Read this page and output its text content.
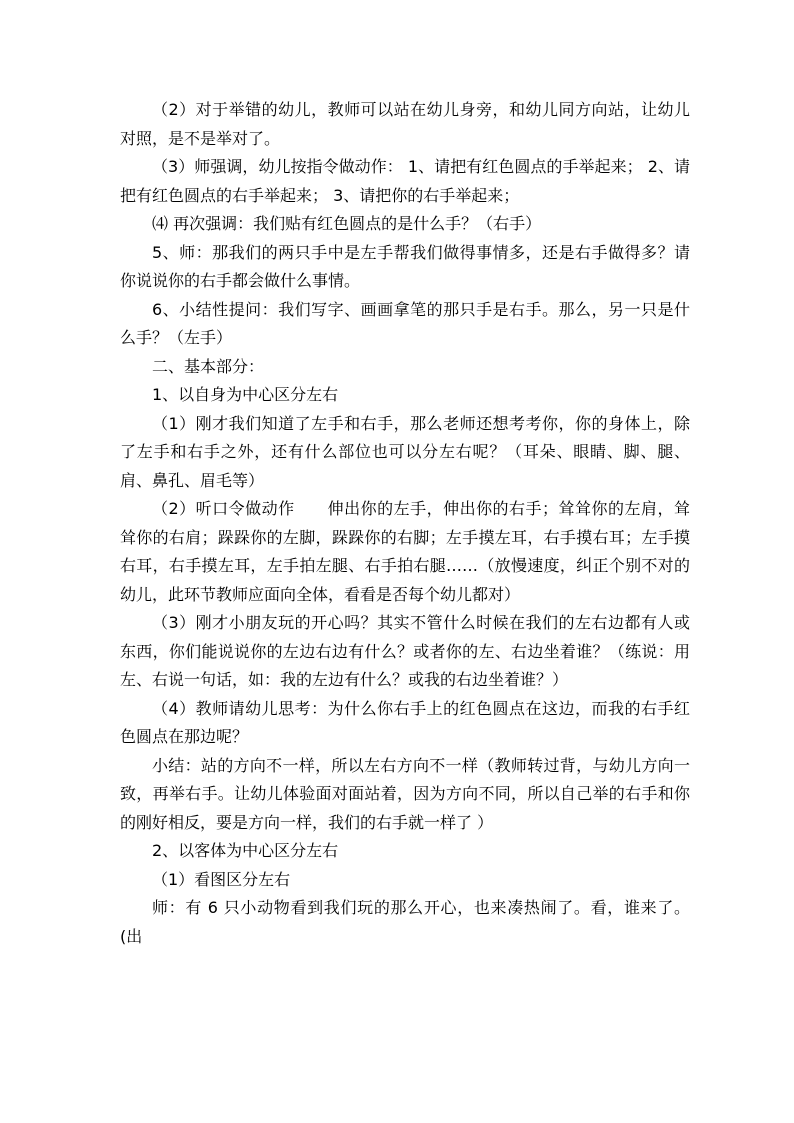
（2）对于举错的幼儿，教师可以站在幼儿身旁，和幼儿同方向站，让幼儿对照，是不是举对了。

（3）师强调，幼儿按指令做动作： 1、请把有红色圆点的手举起来； 2、请把有红色圆点的右手举起来； 3、请把你的右手举起来；

⑷ 再次强调：我们贴有红色圆点的是什么手？（右手）

5、师：那我们的两只手中是左手帮我们做得事情多，还是右手做得多？请你说说你的右手都会做什么事情。

6、小结性提问：我们写字、画画拿笔的那只手是右手。那么，另一只是什么手？（左手）

二、基本部分：

1、以自身为中心区分左右

（1）刚才我们知道了左手和右手，那么老师还想考考你，你的身体上，除了左手和右手之外，还有什么部位也可以分左右呢？（耳朵、眼睛、脚、腿、肩、鼻孔、眉毛等）

（2）听口令做动作　　伸出你的左手，伸出你的右手；耸耸你的左肩，耸耸你的右肩；跺跺你的左脚，跺跺你的右脚；左手摸左耳，右手摸右耳；左手摸右耳，右手摸左耳，左手拍左腿、右手拍右腿……（放慢速度，纠正个别不对的幼儿，此环节教师应面向全体，看看是否每个幼儿都对）

（3）刚才小朋友玩的开心吗？其实不管什么时候在我们的左右边都有人或东西，你们能说说你的左边右边有什么？或者你的左、右边坐着谁？（练说：用左、右说一句话，如：我的左边有什么？或我的右边坐着谁？）

（4）教师请幼儿思考：为什么你右手上的红色圆点在这边，而我的右手红色圆点在那边呢？

小结：站的方向不一样，所以左右方向不一样（教师转过背，与幼儿方向一致，再举右手。让幼儿体验面对面站着，因为方向不同，所以自己举的右手和你的刚好相反，要是方向一样，我们的右手就一样了 ）

2、以客体为中心区分左右

（1）看图区分左右

师：有 6 只小动物看到我们玩的那么开心，也来凑热闹了。看，谁来了。(出
